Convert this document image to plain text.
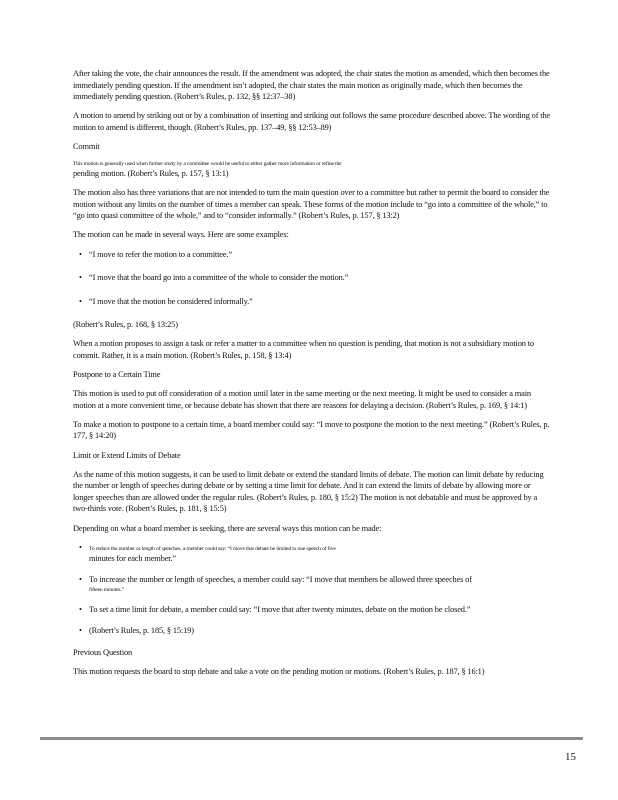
After taking the vote, the chair announces the result. If the amendment was adopted, the chair states the motion as amended, which then becomes the immediately pending question. If the amendment isn’t adopted, the chair states the main motion as originally made, which then becomes the immediately pending question. (Robert’s Rules, p. 132, §§ 12:37–38)

A motion to amend by striking out or by a combination of inserting and striking out follows the same procedure described above. The wording of the motion to amend is different, though. (Robert’s Rules, pp. 137–49, §§ 12:53–89)

Commit

This motion is generally used when further study by a committee would be useful to either gather more information or refine the

pending motion. (Robert’s Rules, p. 157, § 13:1)

The motion also has three variations that are not intended to turn the main question over to a committee but rather to permit the board to consider the motion without any limits on the number of times a member can speak. These forms of the motion include to “go into a committee of the whole,” to “go into quasi committee of the whole,” and to “consider informally.” (Robert’s Rules, p. 157, § 13:2)

The motion can be made in several ways. Here are some examples:

• “I move to refer the motion to a committee.”
• “I move that the board go into a committee of the whole to consider the motion.”
• “I move that the motion be considered informally.”

(Robert’s Rules, p. 168, § 13:25)

When a motion proposes to assign a task or refer a matter to a committee when no question is pending, that motion is not a subsidiary motion to commit. Rather, it is a main motion. (Robert’s Rules, p. 158, § 13:4)

Postpone to a Certain Time

This motion is used to put off consideration of a motion until later in the same meeting or the next meeting. It might be used to consider a main motion at a more convenient time, or because debate has shown that there are reasons for delaying a decision. (Robert’s Rules, p. 169, § 14:1)

To make a motion to postpone to a certain time, a board member could say: “I move to postpone the motion to the next meeting.” (Robert’s Rules, p. 177, § 14:20)

Limit or Extend Limits of Debate

As the name of this motion suggests, it can be used to limit debate or extend the standard limits of debate. The motion can limit debate by reducing the number or length of speeches during debate or by setting a time limit for debate. And it can extend the limits of debate by allowing more or longer speeches than are allowed under the regular rules. (Robert’s Rules, p. 180, § 15:2) The motion is not debatable and must be approved by a two-thirds vote. (Robert’s Rules, p. 181, § 15:5)

Depending on what a board member is seeking, there are several ways this motion can be made:

• To reduce the number or length of speeches, a member could say: “I move that debate be limited to one speech of five
minutes for each member.”
• To increase the number or length of speeches, a member could say: “I move that members be allowed three speeches of
fifteen minutes.”
• To set a time limit for debate, a member could say: “I move that after twenty minutes, debate on the motion be closed.”
• (Robert’s Rules, p. 185, § 15:19)

Previous Question

This motion requests the board to stop debate and take a vote on the pending motion or motions. (Robert’s Rules, p. 187, § 16:1)

15
